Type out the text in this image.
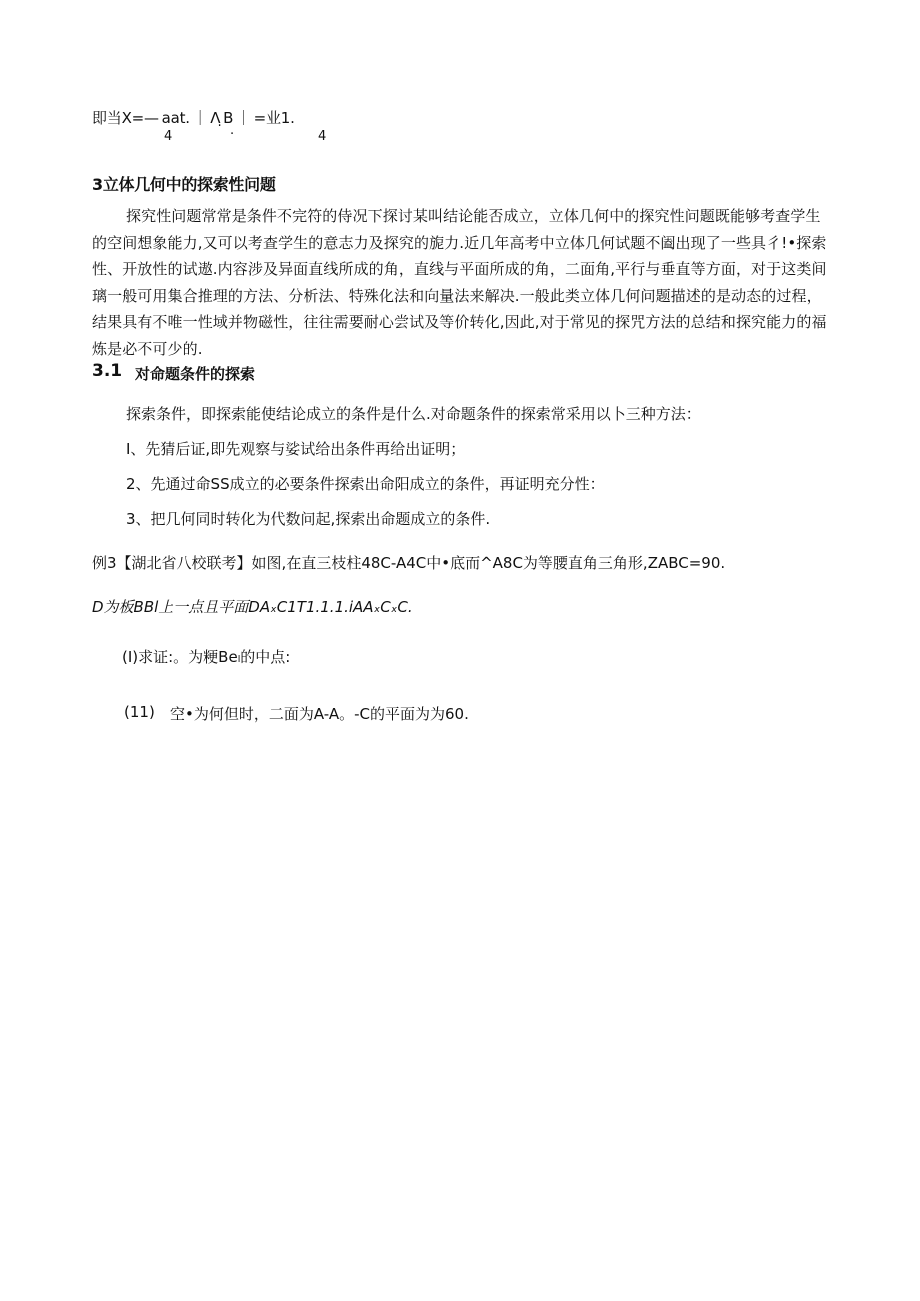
即当X=— aat. ｜ Λ ̣B ｜ =业1.
4	·	4
3立体几何中的探索性问题

探究性问题常常是条件不完符的侍况下探讨某叫结论能否成立，立体几何中的探究性问题既能够考查学生

的空间想象能力,又可以考查学生的意志力及探究的旎力.近几年高考中立体几何试题不阖出现了一些具彳!•探索

性、开放性的试遨.内容涉及异面直线所成的角，直线与平面所成的角，二面角,平行与垂直等方面，对于这类间

璃一般可用集合推理的方法、分析法、特殊化法和向量法来解决.一般此类立体几何问题描述的是动态的过程，

结果具有不唯一性域并物磁性，往往需要耐心尝试及等价转化,因此,对于常见的探咒方法的总结和探究能力的福

炼是必不可少的.

3.1 对命题条件的探索
探索条件，即探索能使结论成立的条件是什么.对命题条件的探索常采用以卜三种方法：
I、先猜后证,即先观察与娑试给出条件再给出证明；
2、先通过命SS成立的必要条件探索出命阳成立的条件，再证明充分性：
3、把几何同时转化为代数问起,探索出命题成立的条件.
例3【湖北省八校联考】如图,在直三枝柱48C-A4C中•底而^A8C为等腰直角三角形,ZABC=90.
D为板BBl上一点且平面DAₓC1T1.1.1.iAAₓCₓC.
(I)求证:。为粳Beₗ的中点:
(11) 空•为何但时，二面为A-A。-C的平面为为60.
